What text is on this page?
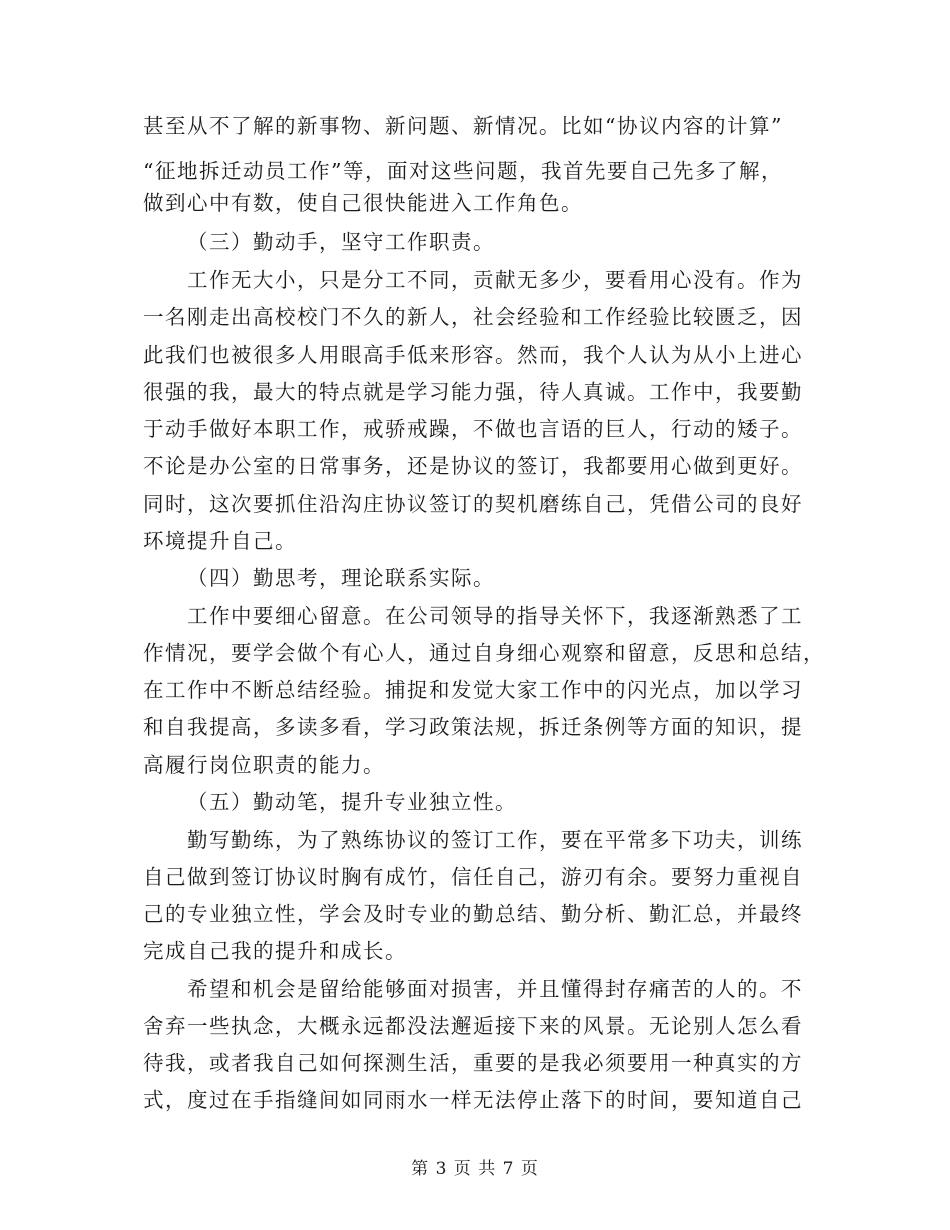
甚至从不了解的新事物、新问题、新情况。比如“协议内容的计算”
“征地拆迁动员工作”等，面对这些问题，我首先要自己先多了解，
做到心中有数，使自己很快能进入工作角色。
（三）勤动手，坚守工作职责。
工作无大小，只是分工不同，贡献无多少，要看用心没有。作为
一名刚走出高校校门不久的新人，社会经验和工作经验比较匮乏，因
此我们也被很多人用眼高手低来形容。然而，我个人认为从小上进心
很强的我，最大的特点就是学习能力强，待人真诚。工作中，我要勤
于动手做好本职工作，戒骄戒躁，不做也言语的巨人，行动的矮子。
不论是办公室的日常事务，还是协议的签订，我都要用心做到更好。
同时，这次要抓住沿沟庄协议签订的契机磨练自己，凭借公司的良好
环境提升自己。
（四）勤思考，理论联系实际。
工作中要细心留意。在公司领导的指导关怀下，我逐渐熟悉了工
作情况，要学会做个有心人，通过自身细心观察和留意，反思和总结，
在工作中不断总结经验。捕捉和发觉大家工作中的闪光点，加以学习
和自我提高，多读多看，学习政策法规，拆迁条例等方面的知识，提
高履行岗位职责的能力。
（五）勤动笔，提升专业独立性。
勤写勤练，为了熟练协议的签订工作，要在平常多下功夫，训练
自己做到签订协议时胸有成竹，信任自己，游刃有余。要努力重视自
己的专业独立性，学会及时专业的勤总结、勤分析、勤汇总，并最终
完成自己我的提升和成长。
希望和机会是留给能够面对损害，并且懂得封存痛苦的人的。不
舍弃一些执念，大概永远都没法邂逅接下来的风景。无论别人怎么看
待我，或者我自己如何探测生活，重要的是我必须要用一种真实的方
式，度过在手指缝间如同雨水一样无法停止落下的时间，要知道自己
第 3 页 共 7 页
